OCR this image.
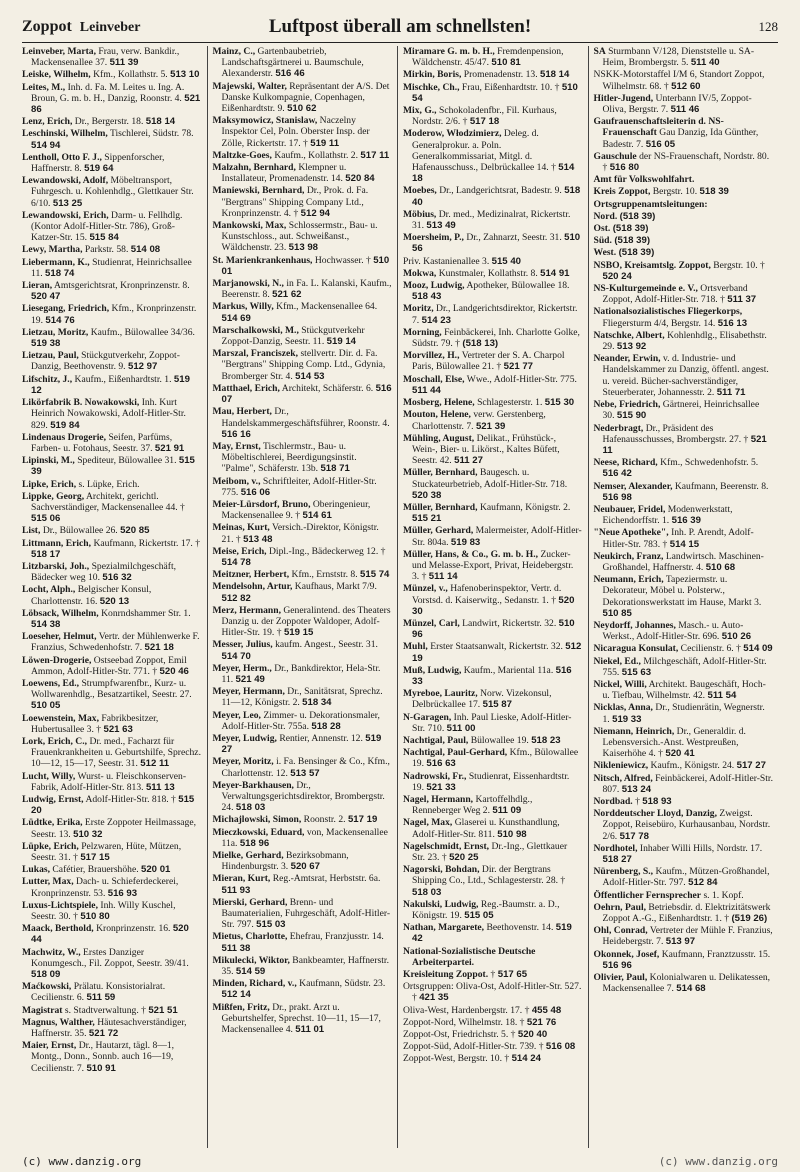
Zoppot Leinveber	Luftpost überall am schnellsten!	128
Leinveber, Marta, Frau, verw. Bankdir., Mackensenallee 37. 511 39
Leiske, Wilhelm, Kfm., Kollathstr. 5. 513 10
Leites, M., Inh. d. Fa. M. Leites u. Ing. A. Broun, G. m. b. H., Danzig, Roonstr. 4. 521 86
Lenz, Erich, Dr., Bergerstr. 18. 518 14
Leschinski, Wilhelm, Tischlerei, Südstr. 78. 514 94
Lentholl, Otto F. J., Sippenforscher, Haffnerstr. 8. 519 64
Lewandowski, Adolf, Möbeltransport, Fuhrgesch. u. Kohlenhdlg., Glettkauer Str. 6/10. 513 25
Lewandowski, Erich, Darm- u. Fellhdlg. (Kontor Adolf-Hitler-Str. 786), Groß-Katzer-Str. 15. 515 84
Lewy, Martha, Parkstr. 58. 514 08
Liebermann, K., Studienrat, Heinrichsallee 11. 518 74
Lieran, Amtsgerichtsrat, Kronprinzenstr. 8. 520 47
Liesegang, Friedrich, Kfm., Kronprinzenstr. 19. 514 76
Lietzau, Moritz, Kaufm., Bülowallee 34/36. 519 38
Lietzau, Paul, Stückgutverkehr, Zoppot-Danzig, Beethovenstr. 9. 512 97
Lifschitz, J., Kaufm., Eißenhardtstr. 1. 519 12
Likörfabrik B. Nowakowski, Inh. Kurt Heinrich Nowakowski, Adolf-Hitler-Str. 829. 519 84
Lindenaus Drogerie, Seifen, Parfüms, Farben- u. Fotohaus, Seestr. 37. 521 91
Lipinski, M., Spediteur, Bülowallee 31. 515 39
Lipke, Erich, s. Lüpke, Erich.
Lippke, Georg, Architekt, gerichtl. Sachverständiger, Mackensenallee 44. † 515 06
List, Dr., Bülowallee 26. 520 85
Littmann, Erich, Kaufmann, Rickertstr. 17. † 518 17
Litzbarski, Joh., Spezialmilchgeschäft, Bädecker weg 10. 516 32
Locht, Alph., Belgischer Konsul, Charlottenstr. 16. 520 13
Löbsack, Wilhelm, Konrndshammer Str. 1. 514 38
Loeseher, Helmut, Vertr. der Mühlenwerke F. Franzius, Schwedenhofstr. 7. 521 18
Löwen-Drogerie, Ostseebad Zoppot, Emil Ammon, Adolf-Hitler-Str. 771. † 520 46
Loewens, Ed., Strumpfwarenfbr., Kurz- u. Wollwarenhdlg., Besatzartikel, Seestr. 27. 510 05
Loewenstein, Max, Fabrikbesitzer, Hubertusallee 3. † 521 63
Lork, Erich, C., Dr. med., Facharzt für Frauenkrankheiten u. Geburtshilfe, Sprechz. 10—12, 15—17, Seestr. 31. 512 11
Lucht, Willy, Wurst- u. Fleischkonserven-Fabrik, Adolf-Hitler-Str. 813. 511 13
Ludwig, Ernst, Adolf-Hitler-Str. 818. † 515 20
Lüdtke, Erika, Erste Zoppoter Heilmassage, Seestr. 13. 510 32
Lüpke, Erich, Pelzwaren, Hüte, Mützen, Seestr. 31. † 517 15
Lukas, Cafétier, Brauershöhe. 520 01
Lutter, Max, Dach- u. Schieferdeckerei, Kronprinzenstr. 53. 516 93
Luxus-Lichtspiele, Inh. Willy Kuschel, Seestr. 30. † 510 80
Maack, Berthold, Kronprinzenstr. 16. 520 44
Machwitz, W., Erstes Danziger Konumgesch., Fil. Zoppot, Seestr. 39/41. 518 09
Maćkowski, Prälatu. Konsistorialrat. Cecilienstr. 6. 511 59
Magistrat s. Stadtverwaltung. † 521 51
Magnus, Walther, Häutesachverständiger, Haffnerstr. 35. 521 72
Maier, Ernst, Dr., Hautarzt, tägl. 8—1, Montg., Donn., Sonnb. auch 16—19, Cecilienstr. 7. 510 91
Mainz, C., Gartenbaubetrieb, Landschaftsgärtnerei u. Baumschule, Alexanderstr. 516 46
Majewski, Walter, Repräsentant der A/S. Det Danske Kulkompagnie, Copenhagen, Eißenhardtstr. 9. 510 62
Maksymowicz, Stanislaw, Naczelny Inspektor Cel, Poln. Oberster Insp. der Zölle, Rickertstr. 17. † 519 11
Maltzke-Goes, Kaufm., Kollathstr. 2. 517 11
Malzahn, Bernhard, Klempner u. Installateur, Promenadenstr. 14. 520 84
Maniewski, Bernhard, Dr., Prok. d. Fa. "Bergtrans" Shipping Company Ltd., Kronprinzenstr. 4. † 512 94
Mankowski, Max, Schlossermstr., Bau- u. Kunstschloss., aut. Schweißanst., Wäldchenstr. 23. 513 98
St. Marienkrankenhaus, Hochwasser. † 510 01
Marjanowski, N., in Fa. L. Kalanski, Kaufm., Beerenstr. 8. 521 62
Markus, Willy, Kfm., Mackensenallee 64. 514 69
Marschalkowski, M., Stückgutverkehr Zoppot-Danzig, Seestr. 11. 519 14
Marszal, Franciszek, stellvertr. Dir. d. Fa. "Bergtrans" Shipping Comp. Ltd., Gdynia, Bromberger Str. 4. 514 53
Matthael, Erich, Architekt, Schäferstr. 6. 516 07
Mau, Herbert, Dr., Handelskammergeschäftsführer, Roonstr. 4. 516 16
May, Ernst, Tischlermstr., Bau- u. Möbeltischlerei, Beerdigungsinstit. "Palme", Schäferstr. 13b. 518 71
Meibom, v., Schriftleiter, Adolf-Hitler-Str. 775. 516 06
Meier-Lürsdorf, Bruno, Oberingenieur, Mackensenallee 9. † 514 61
Meinas, Kurt, Versich.-Direktor, Königstr. 21. † 513 48
Meise, Erich, Dipl.-Ing., Bädeckerweg 12. † 514 78
Meitzner, Herbert, Kfm., Ernststr. 8. 515 74
Mendelsohn, Artur, Kaufhaus, Markt 7/9. 512 82
Merz, Hermann, Generalintend. des Theaters Danzig u. der Zoppoter Waldoper, Adolf-Hitler-Str. 19. † 519 15
Messer, Julius, kaufm. Angest., Seestr. 31. 514 70
Meyer, Herm., Dr., Bankdirektor, Hela-Str. 11. 521 49
Meyer, Hermann, Dr., Sanitätsrat, Sprechz. 11—12, Königstr. 2. 518 34
Meyer, Leo, Zimmer- u. Dekorationsmaler, Adolf-Hitler-Str. 755a. 518 28
Meyer, Ludwig, Rentier, Annenstr. 12. 519 27
Meyer, Moritz, i. Fa. Bensinger & Co., Kfm., Charlottenstr. 12. 513 57
Meyer-Barkhausen, Dr., Verwaltungsgerichtsdirektor, Brombergstr. 24. 518 03
Michajlowski, Simon, Roonstr. 2. 517 19
Mieczkowski, Eduard, von, Mackensenallee 11a. 518 96
Mielke, Gerhard, Bezirksobmann, Hindenburgstr. 3. 520 67
Mieran, Kurt, Reg.-Amtsrat, Herbststr. 6a. 511 93
Mierski, Gerhard, Brenn- und Baumaterialien, Fuhrgeschäft, Adolf-Hitler-Str. 797. 515 03
Mietus, Charlotte, Ehefrau, Franzjusstr. 14. 511 38
Mikulecki, Wiktor, Bankbeamter, Haffnerstr. 35. 514 59
Minden, Richard, v., Kaufmann, Südstr. 23. 512 14
Mißfen, Fritz, Dr., prakt. Arzt u. Geburtshelfer, Sprechst. 10—11, 15—17, Mackensenallee 4. 511 01
Miramare G. m. b. H., Fremdenpension, Wäldchenstr. 45/47. 510 81
Mirkin, Boris, Promenadenstr. 13. 518 14
Mischke, Ch., Frau, Eißenhardtstr. 10. † 510 54
Mix, G., Schokoladenfbr., Fil. Kurhaus, Nordstr. 2/6. † 517 18
Moderow, Włodzimierz, Deleg. d. Generalprokur. a. Poln. Generalkommissariat, Mitgl. d. Hafenausschuss., Delbrückallee 14. † 514 18
Moebes, Dr., Landgerichtsrat, Badestr. 9. 518 40
Möbius, Dr. med., Medizinalrat, Rickertstr. 31. 513 49
Moersheim, P., Dr., Zahnarzt, Seestr. 31. 510 56
Priv. Kastanienallee 3. 515 40
Mokwa, Kunstmaler, Kollathstr. 8. 514 91
Mooz, Ludwig, Apotheker, Bülowallee 18. 518 43
Moritz, Dr., Landgerichtsdirektor, Rickertstr. 7. 514 23
Morning, Feinbäckerei, Inh. Charlotte Golke, Südstr. 79. † (518 13)
Morvillez, H., Vertreter der S. A. Charpol Paris, Bülowallee 21. † 521 77
Moschall, Else, Wwe., Adolf-Hitler-Str. 775. 511 44
Mosberg, Helene, Schlagesterstr. 1. 515 30
Mouton, Helene, verw. Gerstenberg, Charlottenstr. 7. 521 39
Mühling, August, Delikat., Frühstück-, Wein-, Bier- u. Likörst., Kaltes Büfett, Seestr. 42. 511 27
Müller, Bernhard, Baugesch. u. Stuckateurbetrieb, Adolf-Hitler-Str. 718. 520 38
Müller, Bernhard, Kaufmann, Königstr. 2. 515 21
Müller, Gerhard, Malermeister, Adolf-Hitler-Str. 804a. 519 83
Müller, Hans, & Co., G. m. b. H., Zucker- und Melasse-Export, Privat, Heidebergstr. 3. † 511 14
Münzel, v., Hafenoberinspektor, Vertr. d. Vorstsd. d. Kaiserwitg., Sedanstr. 1. † 520 30
Münzel, Carl, Landwirt, Rickertstr. 32. 510 96
Muhl, Erster Staatsanwalt, Rickertstr. 32. 512 19
Muß, Ludwig, Kaufm., Mariental 11a. 516 33
Myreboe, Lauritz, Norw. Vizekonsul, Delbrückallee 17. 515 87
N-Garagen, Inh. Paul Lieske, Adolf-Hitler-Str. 710. 511 00
Nachtigal, Paul, Bülowallee 19. 518 23
Nachtigal, Paul-Gerhard, Kfm., Bülowallee 19. 516 63
Nadrowski, Fr., Studienrat, Eissenhardtstr. 19. 521 33
Nagel, Hermann, Kartoffelhdlg., Renneberger Weg 2. 511 09
Nagel, Max, Glaserei u. Kunsthandlung, Adolf-Hitler-Str. 811. 510 98
Nagelschmidt, Ernst, Dr.-Ing., Glettkauer Str. 23. † 520 25
Nagorski, Bohdan, Dir. der Bergtrans Shipping Co., Ltd., Schlagesterstr. 28. † 518 03
Nakulski, Ludwig, Reg.-Baumstr. a. D., Königstr. 19. 515 05
Nathan, Margarete, Beethovenstr. 14. 519 42
National-Sozialistische Deutsche Arbeiterpartei.
Kreisleitung Zoppot. † 517 65
Ortsgruppen: Oliva-Ost, Adolf-Hitler-Str. 527. † 421 35
Oliva-West, Hardenbergstr. 17. † 455 48
Zoppot-Nord, Wilhelmstr. 18. † 521 76
Zoppot-Ost, Friedrichstr. 5. † 520 40
Zoppot-Süd, Adolf-Hitler-Str. 739. † 516 08
Zoppot-West, Bergstr. 10. † 514 24
SA Sturmbann V/128, Dienststelle u. SA-Heim, Brombergstr. 5. 511 40
NSKK-Motorstaffel I/M 6, Standort Zoppot, Wilhelmstr. 68. † 512 60
Hitler-Jugend, Unterbann IV/5, Zoppot-Oliva, Bergstr. 7. 511 46
Gaufrauenschaftsleiterin d. NS-Frauenschaft Gau Danzig, Ida Günther, Badestr. 7. 516 05
Gauschule der NS-Frauenschaft, Nordstr. 80. † 516 80
Amt für Volkswohlfahrt.
Kreis Zoppot, Bergstr. 10. 518 39
Ortsgruppenamtsleitungen:
Nord. (518 39)
Ost. (518 39)
Süd. (518 39)
West. (518 39)
NSBO, Kreisamtslg. Zoppot, Bergstr. 10. † 520 24
NS-Kulturgemeinde e. V., Ortsverband Zoppot, Adolf-Hitler-Str. 718. † 511 37
Nationalsozialistisches Fliegerkorps, Fliegersturm 4/4, Bergstr. 14. 516 13
Natschke, Albert, Kohlenhdlg., Elisabethstr. 29. 513 92
Neander, Erwin, v. d. Industrie- und Handelskammer zu Danzig, öffentl. angest. u. vereid. Bücher-sachverständiger, Steuerberater, Johannesstr. 2. 511 71
Nebe, Friedrich, Gärtnerei, Heinrichsallee 30. 515 90
Nederbragt, Dr., Präsident des Hafenausschusses, Brombergstr. 27. † 521 11
Neese, Richard, Kfm., Schwedenhofstr. 5. 516 42
Nemser, Alexander, Kaufmann, Beerenstr. 8. 516 98
Neubauer, Fridel, Modenwerkstatt, Eichendorffstr. 1. 516 39
"Neue Apotheke", Inh. P. Arendt, Adolf-Hitler-Str. 783. † 514 15
Neukirch, Franz, Landwirtsch. Maschinen-Großhandel, Haffnerstr. 4. 510 68
Neumann, Erich, Tapeziermstr. u. Dekorateur, Möbel u. Polsterw., Dekorationswerkstatt im Hause, Markt 3. 510 85
Neydorff, Johannes, Masch.- u. Auto-Werkst., Adolf-Hitler-Str. 696. 510 26
Nicaragua Konsulat, Cecilienstr. 6. † 514 09
Niekel, Ed., Milchgeschäft, Adolf-Hitler-Str. 755. 515 63
Nickel, Willi, Architekt. Baugeschäft, Hoch- u. Tiefbau, Wilhelmstr. 42. 511 54
Nicklas, Anna, Dr., Studienrätin, Wegnerstr. 1. 519 33
Niemann, Heinrich, Dr., Generaldir. d. Lebensversich.-Anst. Westpreußen, Kaiserhöhe 4. † 520 41
Nikleniewicz, Kaufm., Königstr. 24. 517 27
Nitsch, Alfred, Feinbäckerei, Adolf-Hitler-Str. 807. 513 24
Nordbad. † 518 93
Norddeutscher Lloyd, Danzig, Zweigst. Zoppot, Reisebüro, Kurhausanbau, Nordstr. 2/6. 517 78
Nordhotel, Inhaber Willi Hills, Nordstr. 17. 518 27
Nürenberg, S., Kaufm., Mützen-Großhandel, Adolf-Hitler-Str. 797. 512 84
Öffentlicher Fernsprecher s. 1. Kopf.
Oehrn, Paul, Betriebsdir. d. Elektrizitätswerk Zoppot A.-G., Eißenhardtstr. 1. † (519 26)
Ohl, Conrad, Vertreter der Mühle F. Franzius, Heidebergstr. 7. 513 97
Okonnek, Josef, Kaufmann, Franztzusstr. 15. 516 96
Olivier, Paul, Kolonialwaren u. Delikatessen, Mackensenallee 7. 514 68
(c) www.danzig.org	(c) www.danzig.org
